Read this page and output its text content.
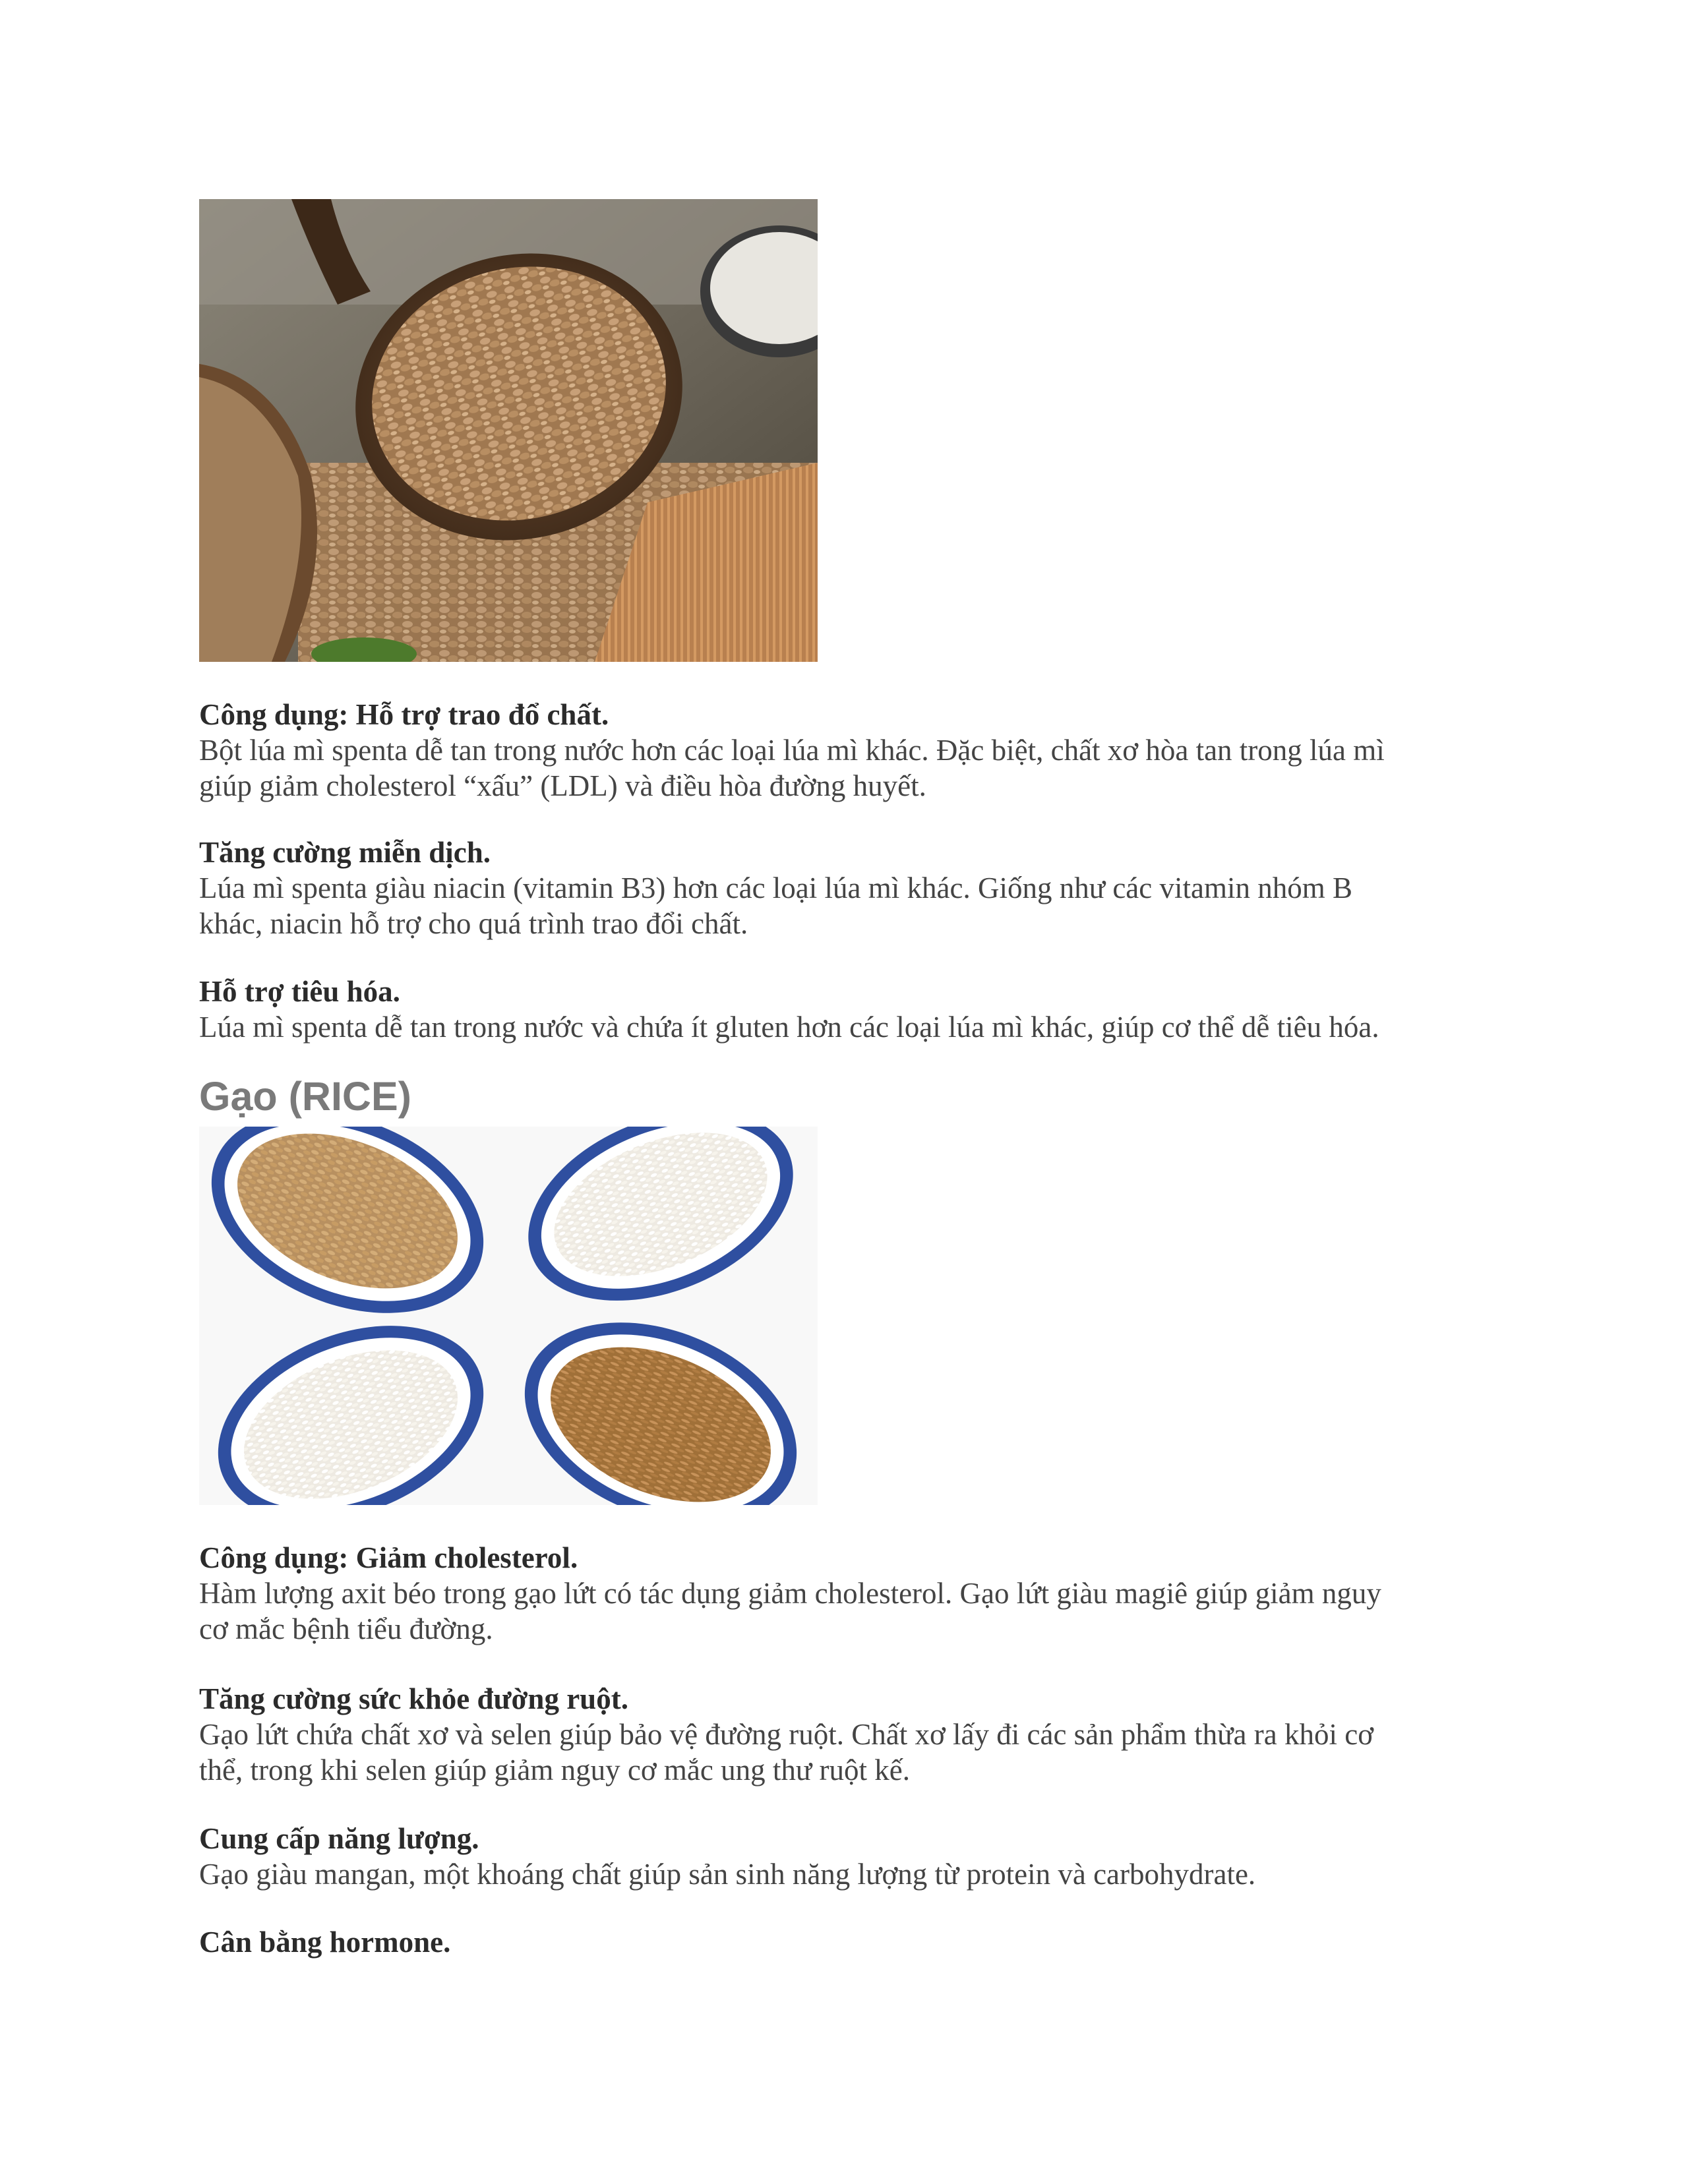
Công dụng: Hỗ trợ trao đổ chất.

Bột lúa mì spenta dễ tan trong nước hơn các loại lúa mì khác. Đặc biệt, chất xơ hòa tan trong lúa mì

giúp giảm cholesterol “xấu” (LDL) và điều hòa đường huyết.

Tăng cường miễn dịch.

Lúa mì spenta giàu niacin (vitamin B3) hơn các loại lúa mì khác. Giống như các vitamin nhóm B

khác, niacin hỗ trợ cho quá trình trao đổi chất.

Hỗ trợ tiêu hóa.

Lúa mì spenta dễ tan trong nước và chứa ít gluten hơn các loại lúa mì khác, giúp cơ thể dễ tiêu hóa.

Gạo (RICE)

Công dụng: Giảm cholesterol.

Hàm lượng axit béo trong gạo lứt có tác dụng giảm cholesterol. Gạo lứt giàu magiê giúp giảm nguy

cơ mắc bệnh tiểu đường.

Tăng cường sức khỏe đường ruột.

Gạo lứt chứa chất xơ và selen giúp bảo vệ đường ruột. Chất xơ lấy đi các sản phẩm thừa ra khỏi cơ

thể, trong khi selen giúp giảm nguy cơ mắc ung thư ruột kế.

Cung cấp năng lượng.

Gạo giàu mangan, một khoáng chất giúp sản sinh năng lượng từ protein và carbohydrate.

Cân bằng hormone.
